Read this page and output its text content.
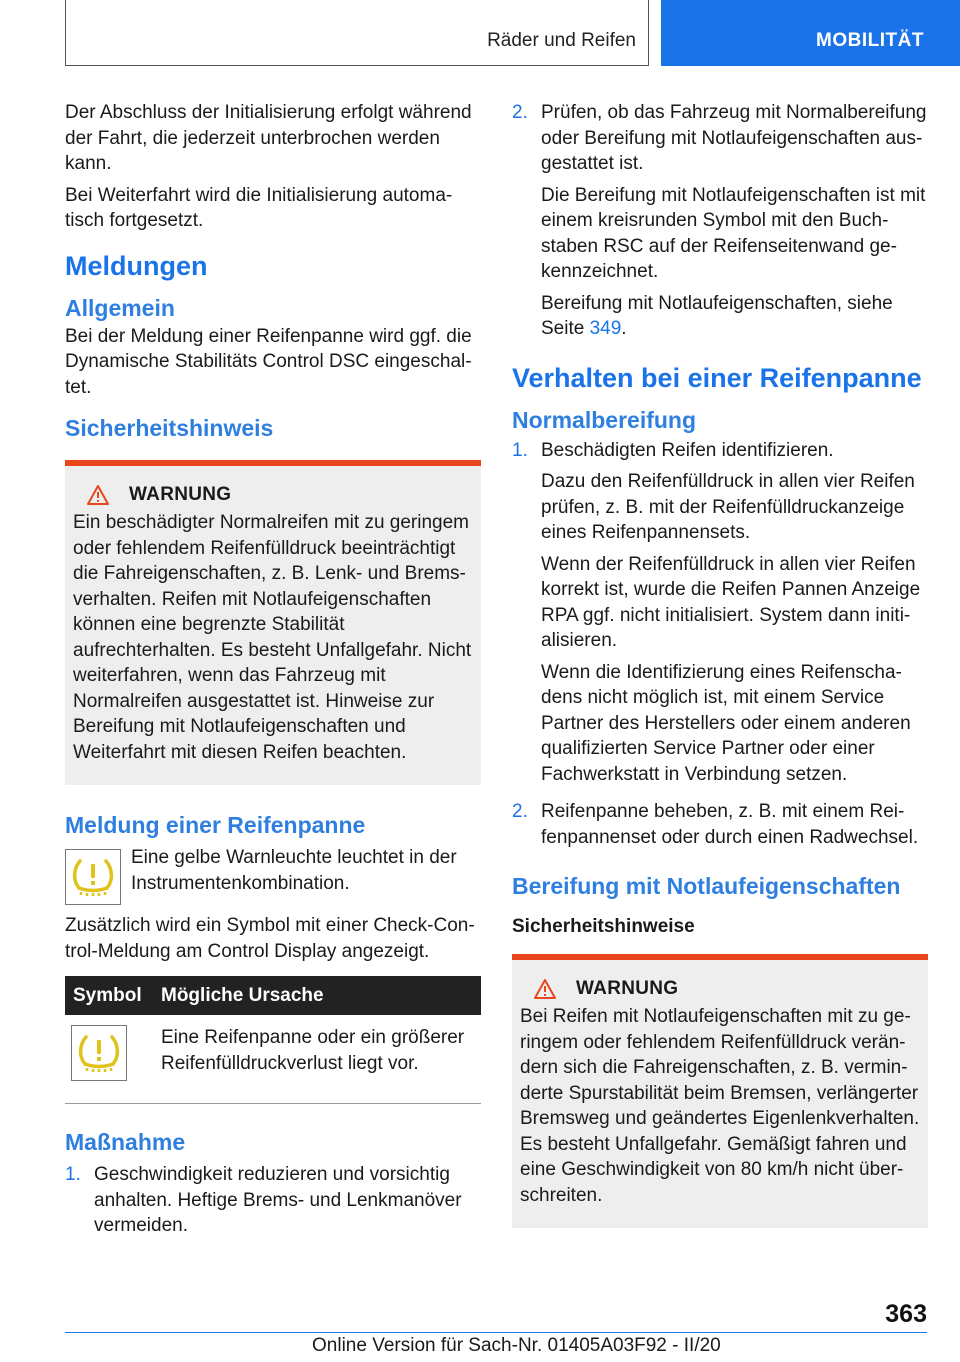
Räder und Reifen	MOBILITÄT

Der Abschluss der Initialisierung erfolgt während der Fahrt, die jederzeit unterbrochen werden kann.

Bei Weiterfahrt wird die Initialisierung automatisch fortgesetzt.

Meldungen
Allgemein

Bei der Meldung einer Reifenpanne wird ggf. die Dynamische Stabilitäts Control DSC eingeschaltet.

Sicherheitshinweis
WARNUNG

Ein beschädigter Normalreifen mit zu geringem oder fehlendem Reifenfülldruck beeinträchtigt die Fahreigenschaften, z. B. Lenk- und Bremsverhalten. Reifen mit Notlaufeigenschaften können eine begrenzte Stabilität aufrechterhalten. Es besteht Unfallgefahr. Nicht weiterfahren, wenn das Fahrzeug mit Normalreifen ausgestattet ist. Hinweise zur Bereifung mit Notlaufeigenschaften und Weiterfahrt mit diesen Reifen beachten.

Meldung einer Reifenpanne

Eine gelbe Warnleuchte leuchtet in der Instrumentenkombination.

Zusätzlich wird ein Symbol mit einer Check-Control-Meldung am Control Display angezeigt.

Symbol	Mögliche Ursache

	Eine Reifenpanne oder ein größerer Reifenfülldruckverlust liegt vor.
Maßnahme
1. Geschwindigkeit reduzieren und vorsichtig anhalten. Heftige Brems- und Lenkmanöver vermeiden.

2. Prüfen, ob das Fahrzeug mit Normalbereifung oder Bereifung mit Notlaufeigenschaften ausgestattet ist.

Die Bereifung mit Notlaufeigenschaften ist mit einem kreisrunden Symbol mit den Buchstaben RSC auf der Reifenseitenwand gekennzeichnet.

Bereifung mit Notlaufeigenschaften, siehe Seite 349.

Verhalten bei einer Reifenpanne
Normalbereifung
1. Beschädigten Reifen identifizieren.

Dazu den Reifenfülldruck in allen vier Reifen prüfen, z. B. mit der Reifenfülldruckanzeige eines Reifenpannensets.

Wenn der Reifenfülldruck in allen vier Reifen korrekt ist, wurde die Reifen Pannen Anzeige RPA ggf. nicht initialisiert. System dann initialisieren.

Wenn die Identifizierung eines Reifenschadens nicht möglich ist, mit einem Service Partner des Herstellers oder einem anderen qualifizierten Service Partner oder einer Fachwerkstatt in Verbindung setzen.

2. Reifenpanne beheben, z. B. mit einem Reifenpannenset oder durch einen Radwechsel.

Bereifung mit Notlaufeigenschaften
Sicherheitshinweise
WARNUNG

Bei Reifen mit Notlaufeigenschaften mit zu geringem oder fehlendem Reifenfülldruck verändern sich die Fahreigenschaften, z. B. verminderte Spurstabilität beim Bremsen, verlängerter Bremsweg und geändertes Eigenlenkverhalten. Es besteht Unfallgefahr. Gemäßigt fahren und eine Geschwindigkeit von 80 km/h nicht überschreiten.

363
Online Version für Sach-Nr. 01405A03F92 - II/20
